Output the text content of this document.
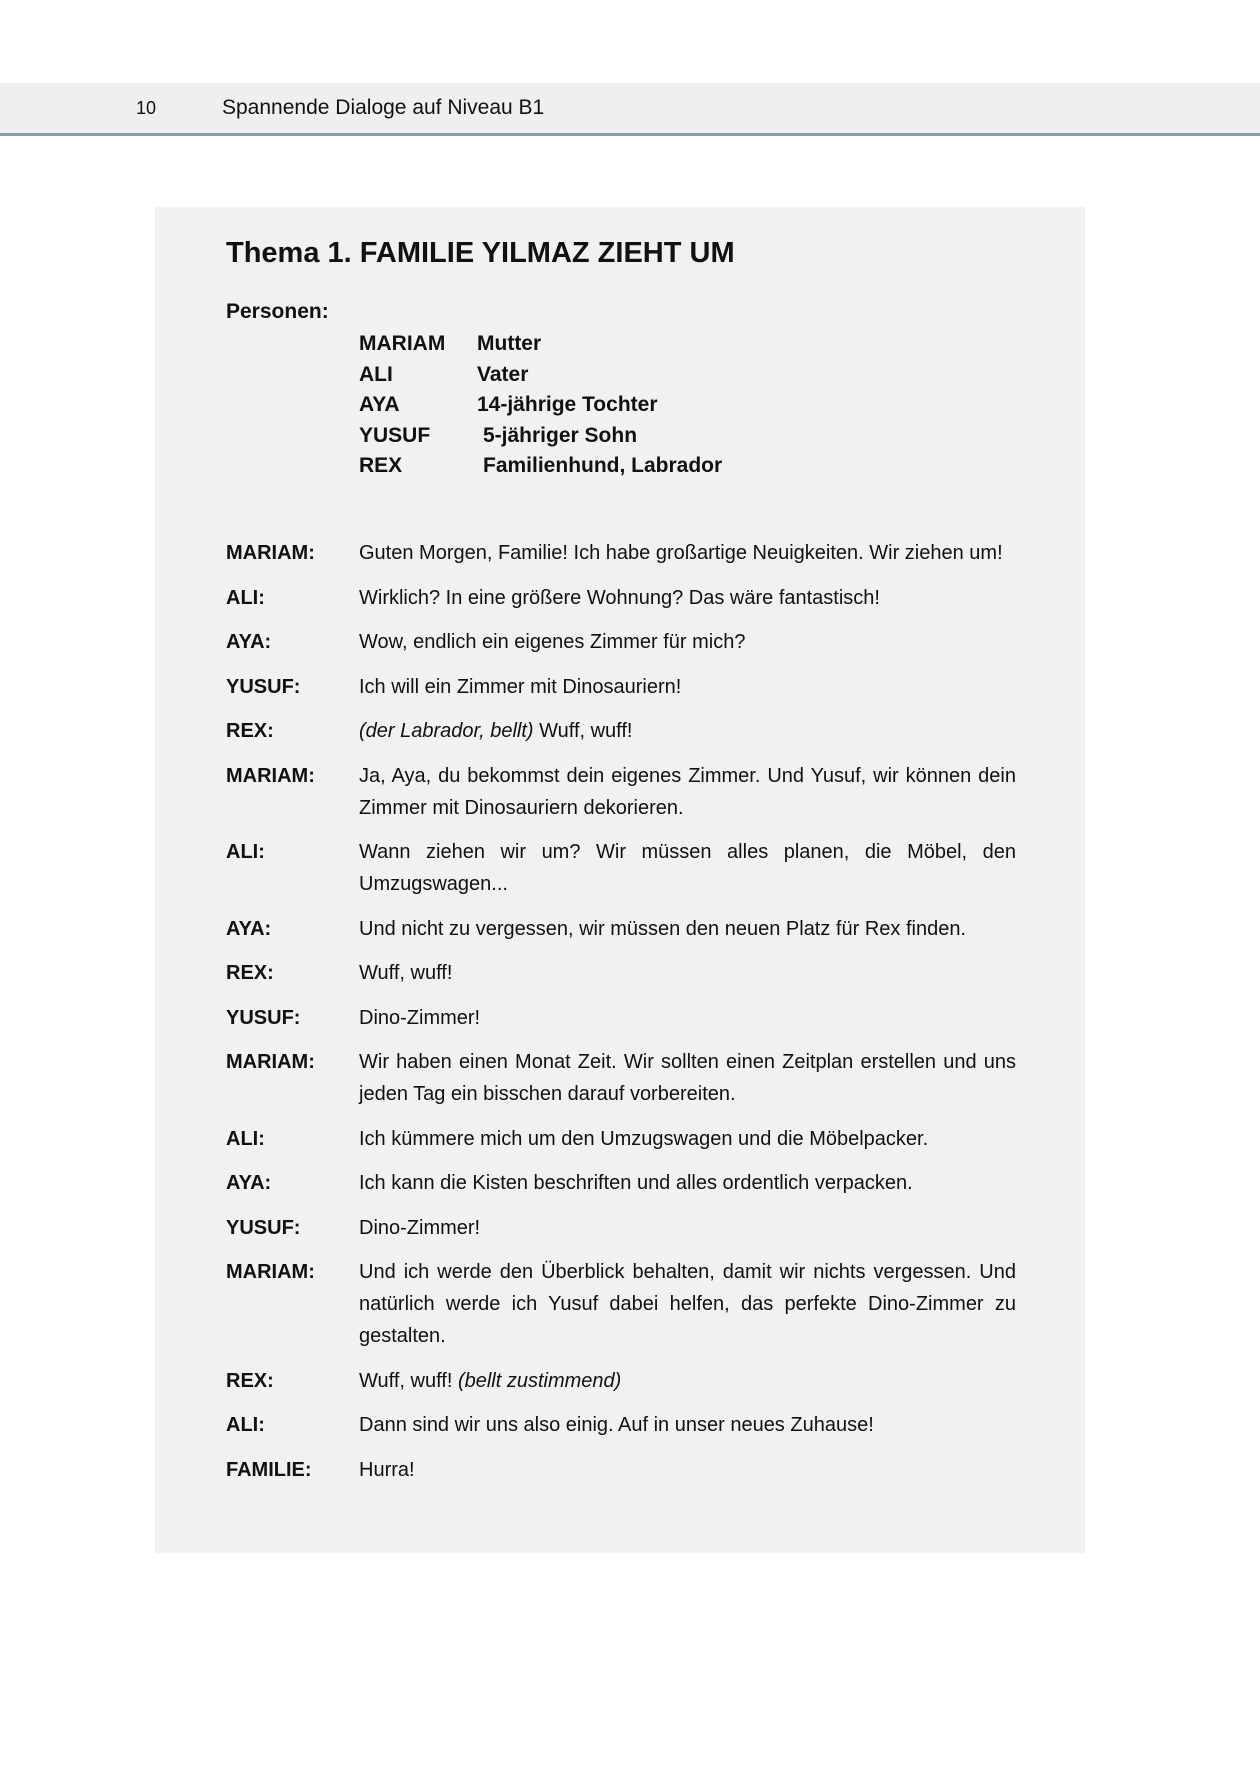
10	Spannende Dialoge auf Niveau B1
Thema 1. FAMILIE YILMAZ ZIEHT UM
Personen:
MARIAM Mutter
ALI	Vater
AYA	14-jährige Tochter
YUSUF	5-jähriger Sohn
REX	Familienhund, Labrador
MARIAM:	Guten Morgen, Familie! Ich habe großartige Neuigkeiten. Wir ziehen um!
ALI:	Wirklich? In eine größere Wohnung? Das wäre fantastisch!
AYA:	Wow, endlich ein eigenes Zimmer für mich?
YUSUF:	Ich will ein Zimmer mit Dinosauriern!
REX:	(der Labrador, bellt) Wuff, wuff!
MARIAM:	Ja, Aya, du bekommst dein eigenes Zimmer. Und Yusuf, wir können dein Zimmer mit Dinosauriern dekorieren.
ALI:	Wann ziehen wir um? Wir müssen alles planen, die Möbel, den Umzugswagen...
AYA:	Und nicht zu vergessen, wir müssen den neuen Platz für Rex finden.
REX:	Wuff, wuff!
YUSUF:	Dino-Zimmer!
MARIAM:	Wir haben einen Monat Zeit. Wir sollten einen Zeitplan erstellen und uns jeden Tag ein bisschen darauf vorbereiten.
ALI:	Ich kümmere mich um den Umzugswagen und die Möbelpacker.
AYA:	Ich kann die Kisten beschriften und alles ordentlich verpacken.
YUSUF:	Dino-Zimmer!
MARIAM:	Und ich werde den Überblick behalten, damit wir nichts vergessen. Und natürlich werde ich Yusuf dabei helfen, das perfekte Dino-Zimmer zu gestalten.
REX:	Wuff, wuff! (bellt zustimmend)
ALI:	Dann sind wir uns also einig. Auf in unser neues Zuhause!
FAMILIE:	Hurra!
